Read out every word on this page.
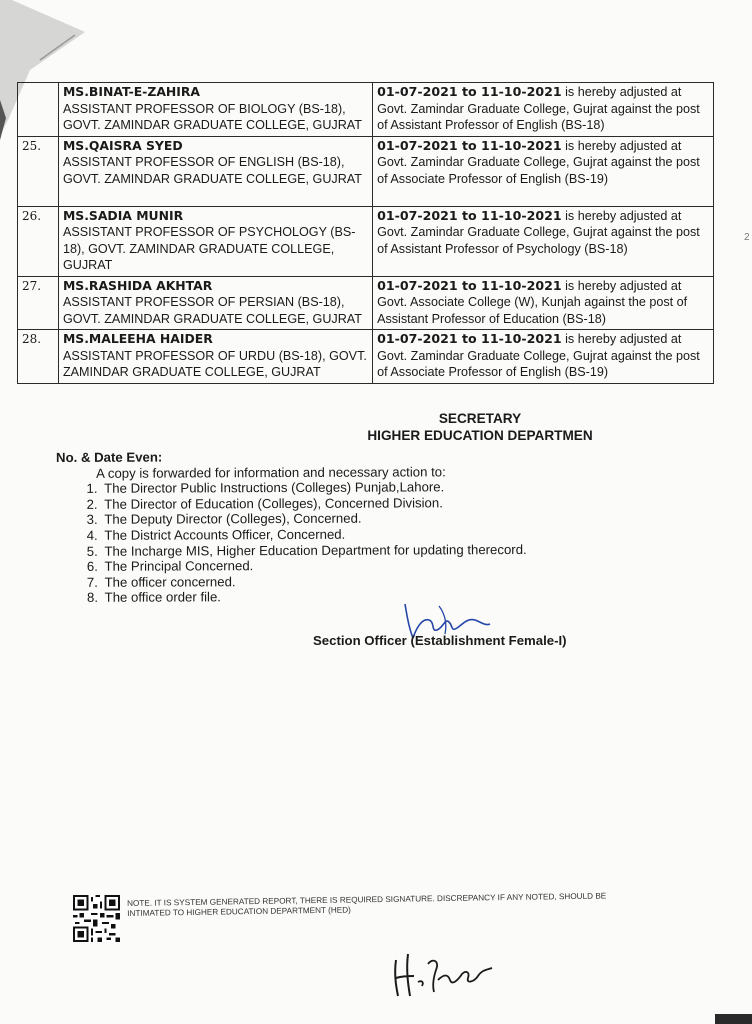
	MS.BINAT-E-ZAHIRA
ASSISTANT PROFESSOR OF BIOLOGY (BS-18), GOVT. ZAMINDAR GRADUATE COLLEGE, GUJRAT	01-07-2021 to 11-10-2021 is hereby adjusted at Govt. Zamindar Graduate College, Gujrat against the post of Assistant Professor of English (BS-18)
25.	MS.QAISRA SYED
ASSISTANT PROFESSOR OF ENGLISH (BS-18), GOVT. ZAMINDAR GRADUATE COLLEGE, GUJRAT	01-07-2021 to 11-10-2021 is hereby adjusted at Govt. Zamindar Graduate College, Gujrat against the post of Associate Professor of English (BS-19)
26.	MS.SADIA MUNIR
ASSISTANT PROFESSOR OF PSYCHOLOGY (BS-18), GOVT. ZAMINDAR GRADUATE COLLEGE, GUJRAT	01-07-2021 to 11-10-2021 is hereby adjusted at Govt. Zamindar Graduate College, Gujrat against the post of Assistant Professor of Psychology (BS-18)
27.	MS.RASHIDA AKHTAR
ASSISTANT PROFESSOR OF PERSIAN (BS-18), GOVT. ZAMINDAR GRADUATE COLLEGE, GUJRAT	01-07-2021 to 11-10-2021 is hereby adjusted at Govt. Associate College (W), Kunjah against the post of Assistant Professor of Education (BS-18)
28.	MS.MALEEHA HAIDER
ASSISTANT PROFESSOR OF URDU (BS-18), GOVT. ZAMINDAR GRADUATE COLLEGE, GUJRAT	01-07-2021 to 11-10-2021 is hereby adjusted at Govt. Zamindar Graduate College, Gujrat against the post of Associate Professor of English (BS-19)
2
SECRETARY
HIGHER EDUCATION DEPARTMEN
No. & Date Even:
A copy is forwarded for information and necessary action to:
1. The Director Public Instructions (Colleges) Punjab,Lahore.
2. The Director of Education (Colleges), Concerned Division.
3. The Deputy Director (Colleges), Concerned.
4. The District Accounts Officer, Concerned.
5. The Incharge MIS, Higher Education Department for updating therecord.
6. The Principal Concerned.
7. The officer concerned.
8. The office order file.
Section Officer (Establishment Female-I)
NOTE. IT IS SYSTEM GENERATED REPORT, THERE IS REQUIRED SIGNATURE. DISCREPANCY IF ANY NOTED, SHOULD BE INTIMATED TO HIGHER EDUCATION DEPARTMENT (HED)
